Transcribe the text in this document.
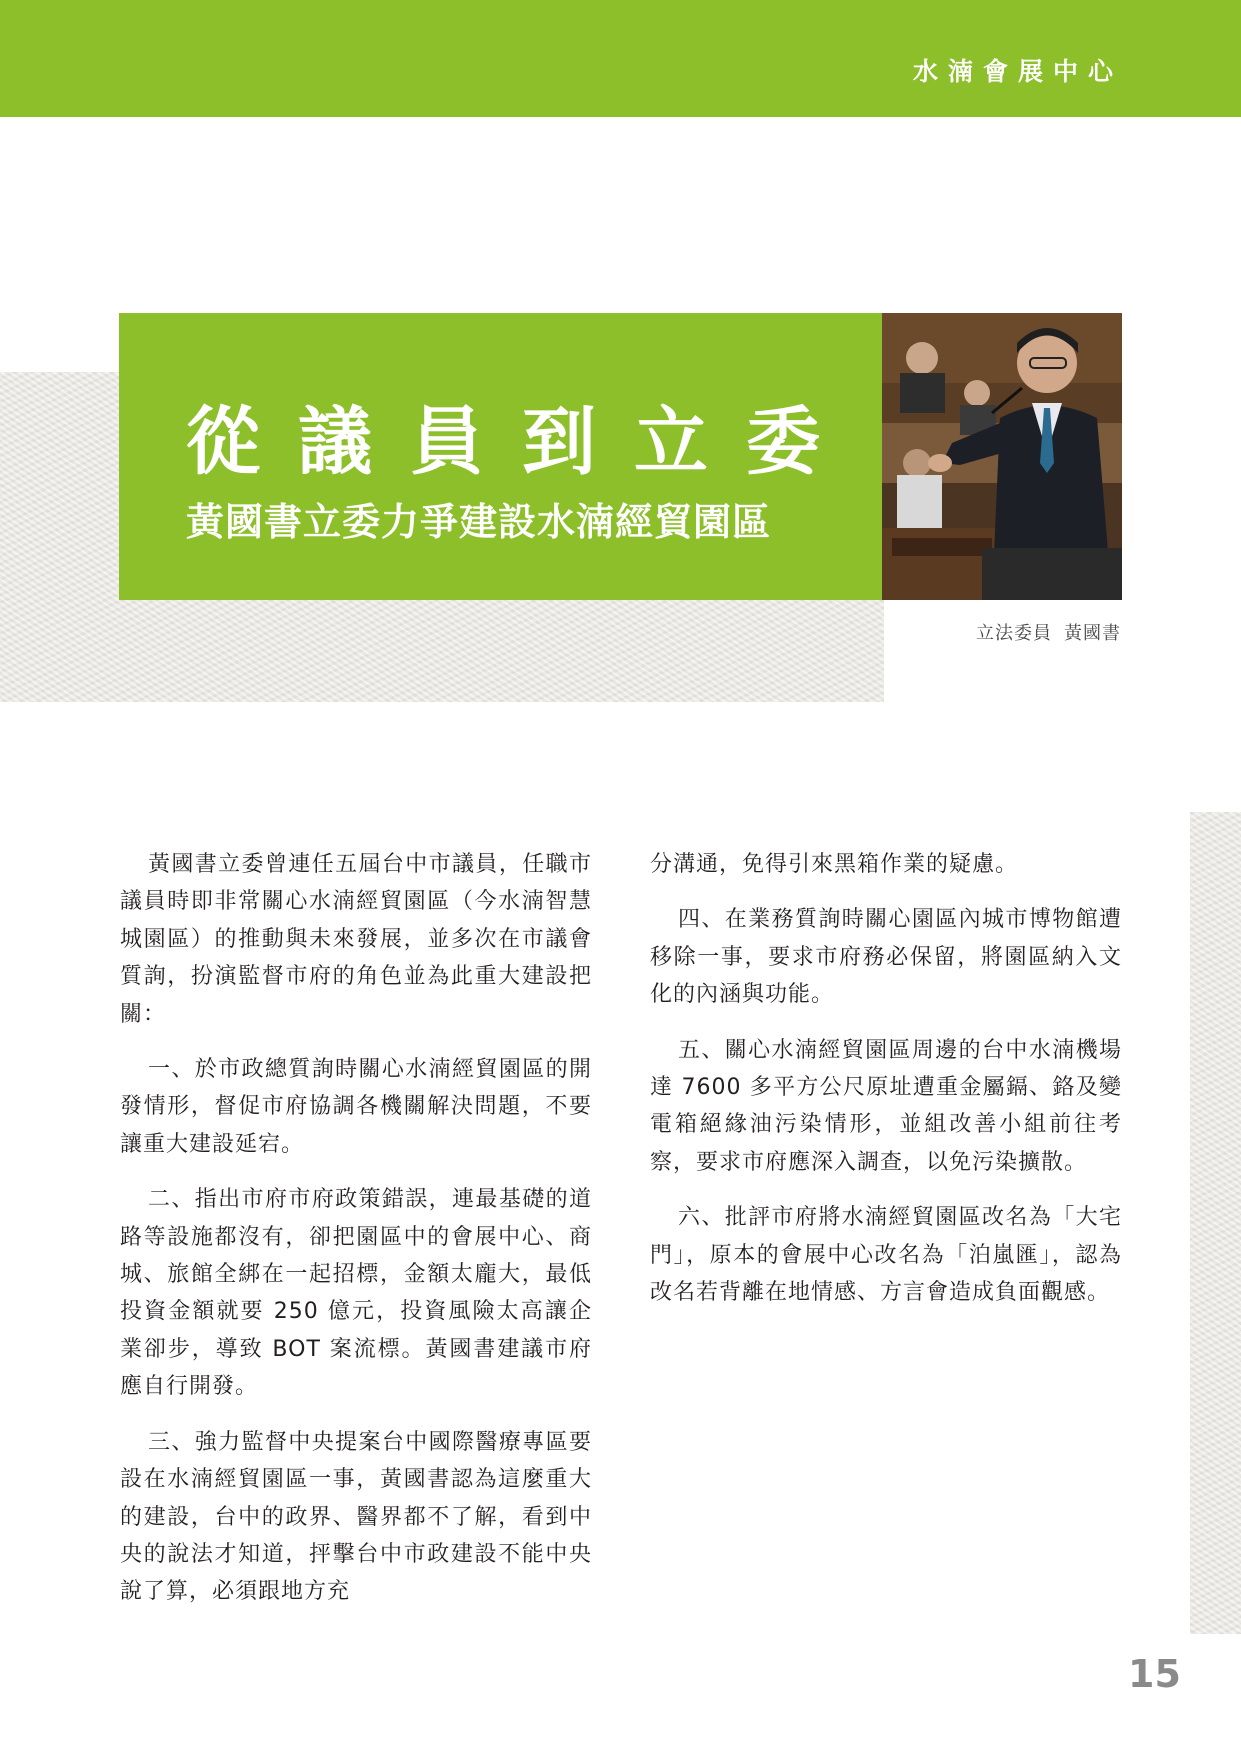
水湳會展中心
從議員到立委
黃國書立委力爭建設水湳經貿園區
立法委員 黃國書

黃國書立委曾連任五屆台中市議員，任職市議員時即非常關心水湳經貿園區（今水湳智慧城園區）的推動與未來發展，並多次在市議會質詢，扮演監督市府的角色並為此重大建設把關：

一、於市政總質詢時關心水湳經貿園區的開發情形，督促市府協調各機關解決問題，不要讓重大建設延宕。

二、指出市府市府政策錯誤，連最基礎的道路等設施都沒有，卻把園區中的會展中心、商城、旅館全綁在一起招標，金額太龐大，最低投資金額就要 250 億元，投資風險太高讓企業卻步，導致 BOT 案流標。黃國書建議市府應自行開發。

三、強力監督中央提案台中國際醫療專區要設在水湳經貿園區一事，黃國書認為這麼重大的建設，台中的政界、醫界都不了解，看到中央的說法才知道，抨擊台中市政建設不能中央說了算，必須跟地方充

分溝通，免得引來黑箱作業的疑慮。

四、在業務質詢時關心園區內城市博物館遭移除一事，要求市府務必保留，將園區納入文化的內涵與功能。

五、關心水湳經貿園區周邊的台中水湳機場達 7600 多平方公尺原址遭重金屬鎘、鉻及變電箱絕緣油污染情形，並組改善小組前往考察，要求市府應深入調查，以免污染擴散。

六、批評市府將水湳經貿園區改名為「大宅門」，原本的會展中心改名為「泊嵐匯」，認為改名若背離在地情感、方言會造成負面觀感。

15
